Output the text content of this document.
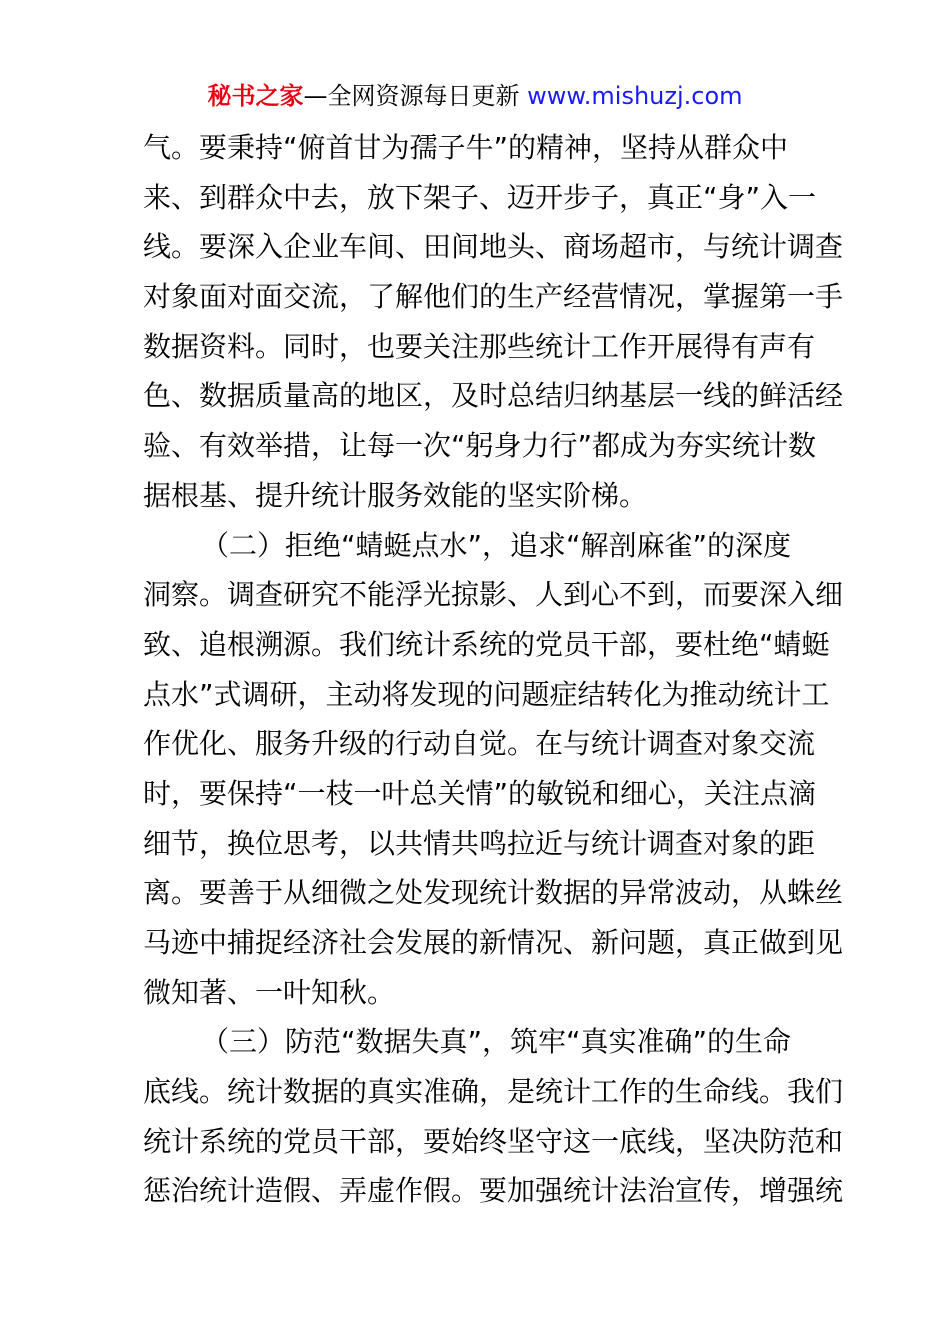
秘书之家—全网资源每日更新 www.mishuzj.com
气。要秉持“俯首甘为孺子牛”的精神，坚持从群众中
来、到群众中去，放下架子、迈开步子，真正“身”入一
线。要深入企业车间、田间地头、商场超市，与统计调查
对象面对面交流，了解他们的生产经营情况，掌握第一手
数据资料。同时，也要关注那些统计工作开展得有声有
色、数据质量高的地区，及时总结归纳基层一线的鲜活经
验、有效举措，让每一次“躬身力行”都成为夯实统计数
据根基、提升统计服务效能的坚实阶梯。
（二）拒绝“蜻蜓点水”，追求“解剖麻雀”的深度
洞察。调查研究不能浮光掠影、人到心不到，而要深入细
致、追根溯源。我们统计系统的党员干部，要杜绝“蜻蜓
点水”式调研，主动将发现的问题症结转化为推动统计工
作优化、服务升级的行动自觉。在与统计调查对象交流
时，要保持“一枝一叶总关情”的敏锐和细心，关注点滴
细节，换位思考，以共情共鸣拉近与统计调查对象的距
离。要善于从细微之处发现统计数据的异常波动，从蛛丝
马迹中捕捉经济社会发展的新情况、新问题，真正做到见
微知著、一叶知秋。
（三）防范“数据失真”，筑牢“真实准确”的生命
底线。统计数据的真实准确，是统计工作的生命线。我们
统计系统的党员干部，要始终坚守这一底线，坚决防范和
惩治统计造假、弄虚作假。要加强统计法治宣传，增强统
